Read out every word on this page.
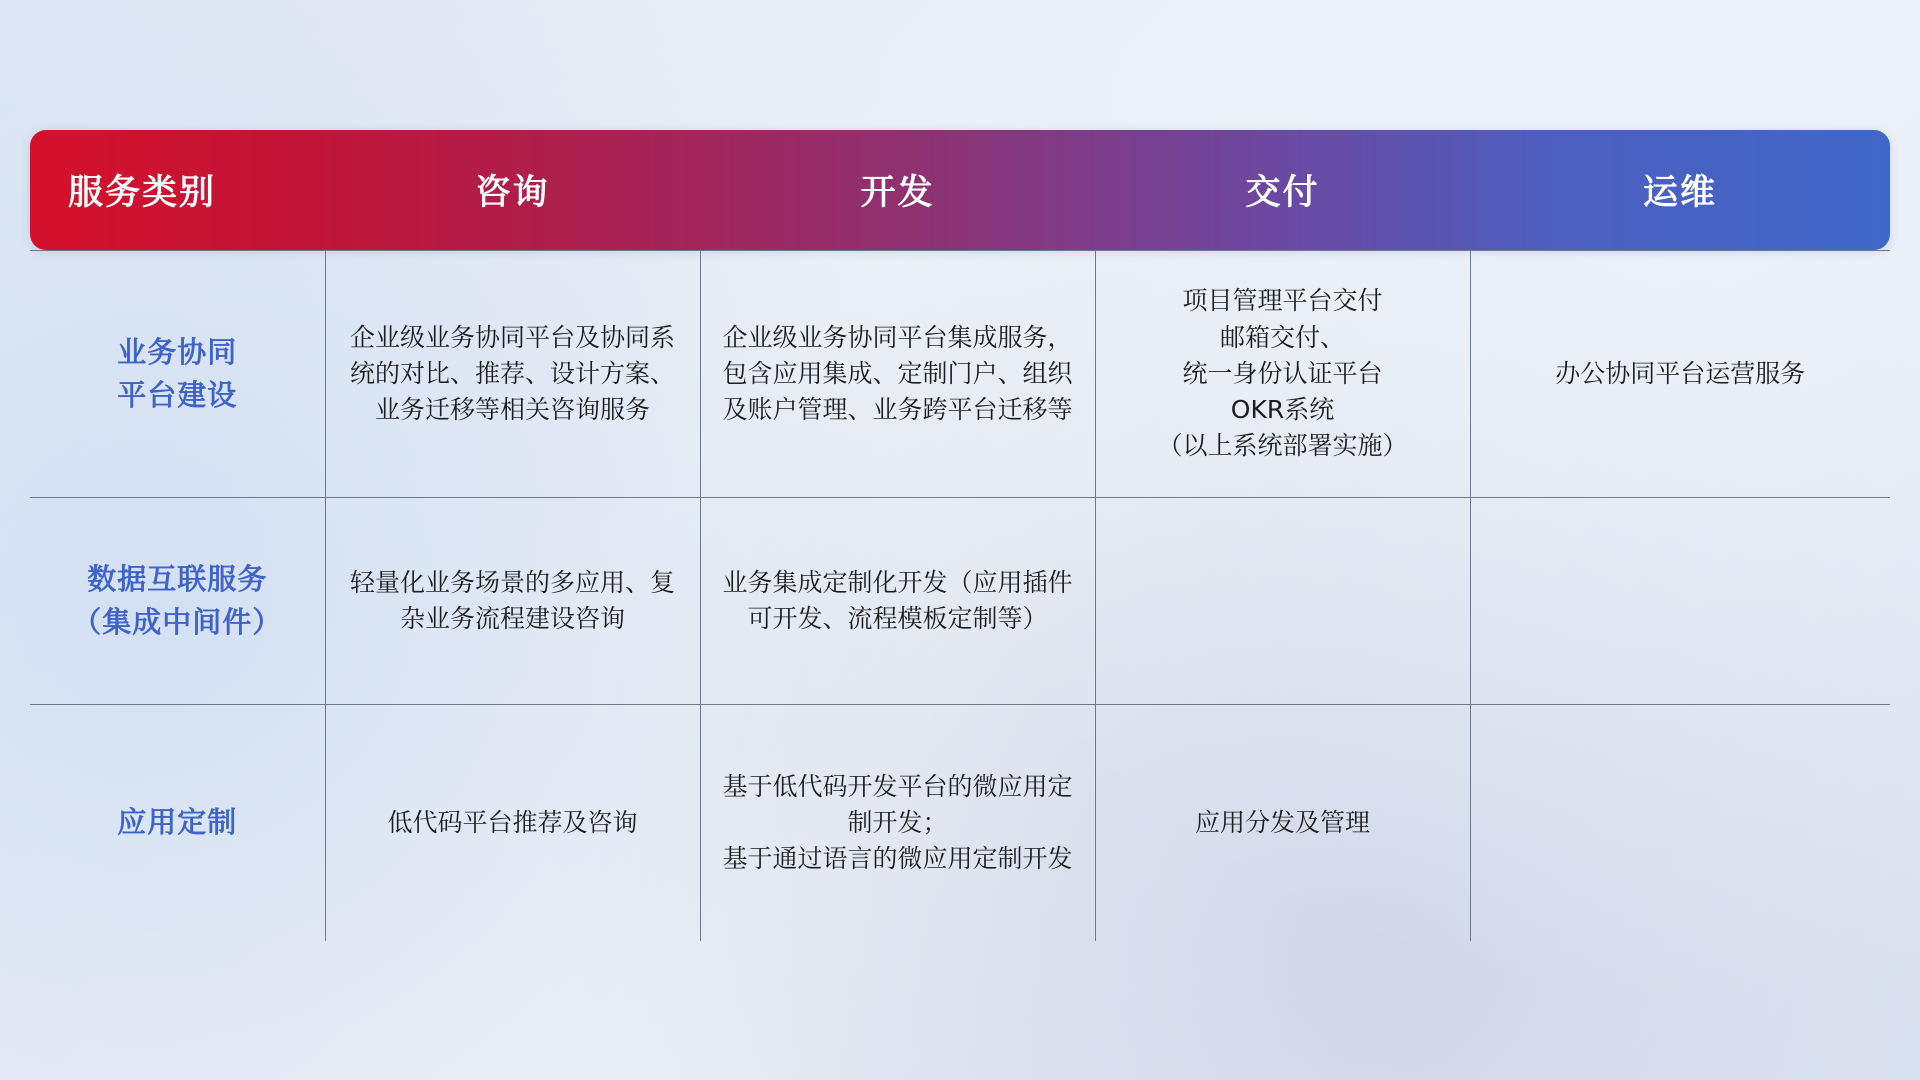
服务类别	咨询	开发	交付	运维

业务协同
平台建设	企业级业务协同平台及协同系统的对比、推荐、设计方案、业务迁移等相关咨询服务	企业级业务协同平台集成服务，包含应用集成、定制门户、组织及账户管理、业务跨平台迁移等	项目管理平台交付
邮箱交付、
统一身份认证平台
OKR系统
（以上系统部署实施）	办公协同平台运营服务

数据互联服务
（集成中间件）	轻量化业务场景的多应用、复杂业务流程建设咨询	业务集成定制化开发（应用插件可开发、流程模板定制等）		
应用定制	低代码平台推荐及咨询	基于低代码开发平台的微应用定制开发；
基于通过语言的微应用定制开发	应用分发及管理	
